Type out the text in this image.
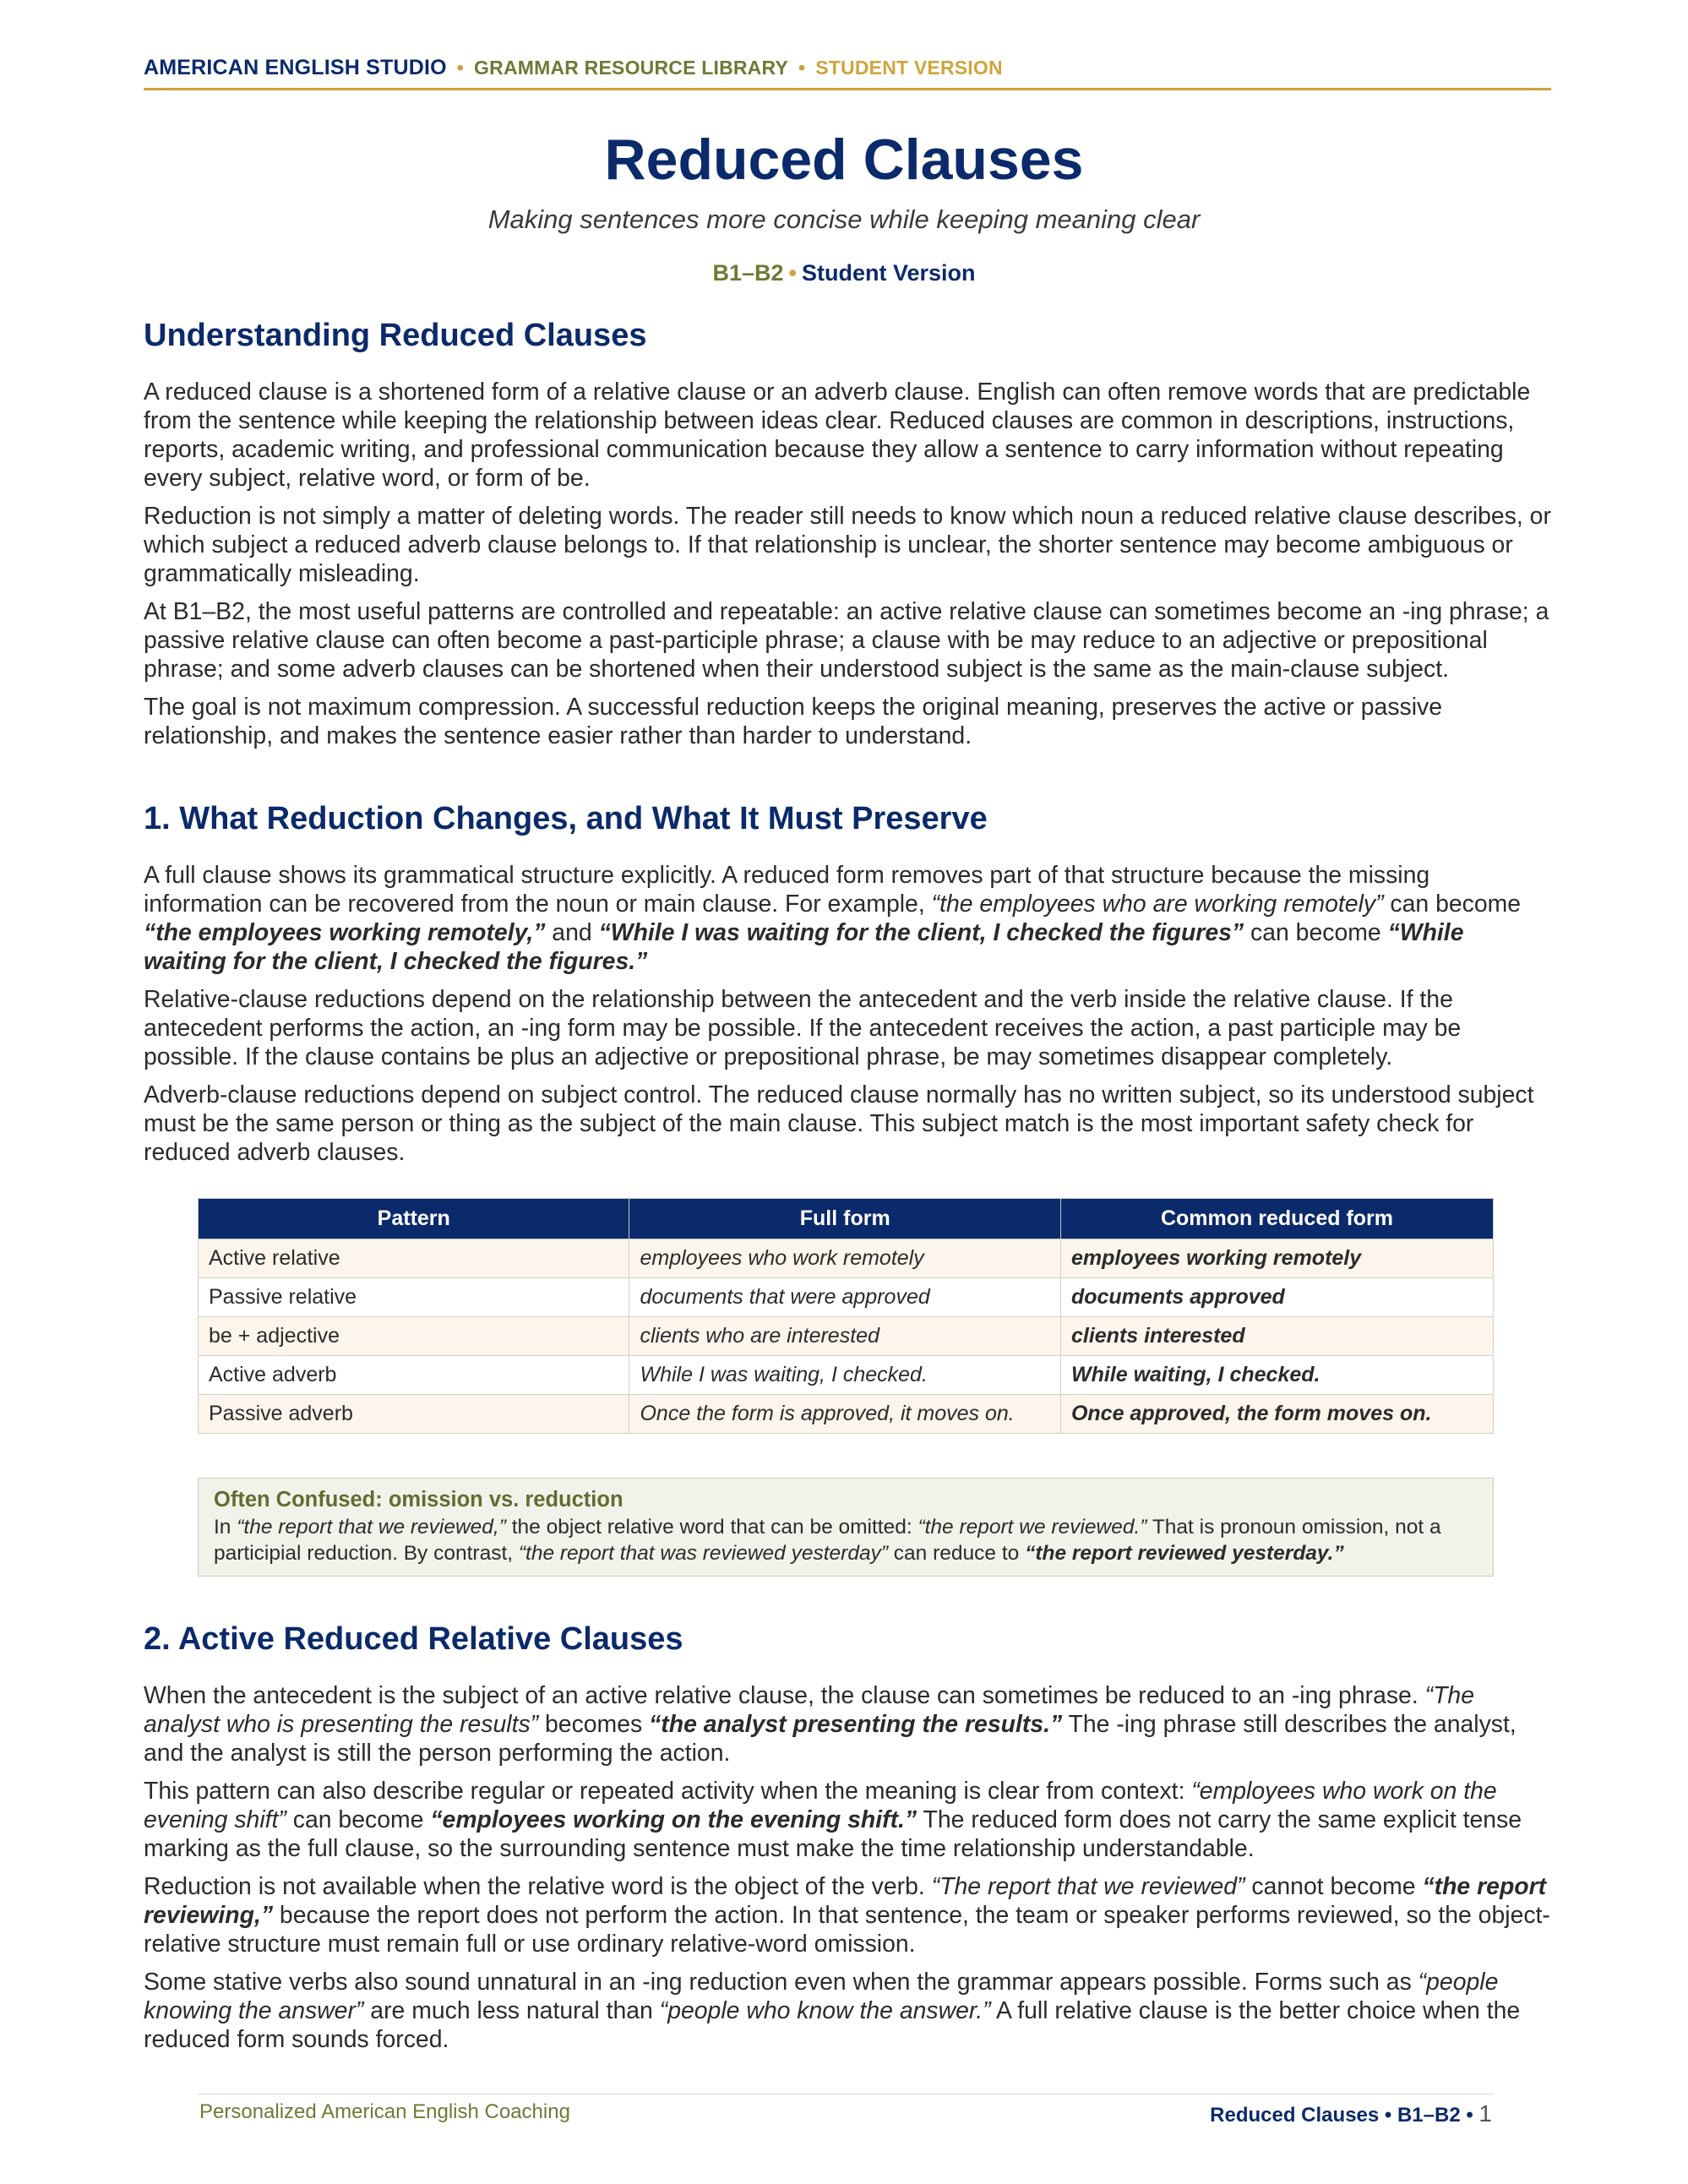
AMERICAN ENGLISH STUDIO • GRAMMAR RESOURCE LIBRARY • STUDENT VERSION
Reduced Clauses
Making sentences more concise while keeping meaning clear
B1–B2 • Student Version
Understanding Reduced Clauses

A reduced clause is a shortened form of a relative clause or an adverb clause. English can often remove words that are predictable from the sentence while keeping the relationship between ideas clear. Reduced clauses are common in descriptions, instructions, reports, academic writing, and professional communication because they allow a sentence to carry information without repeating every subject, relative word, or form of be.

Reduction is not simply a matter of deleting words. The reader still needs to know which noun a reduced relative clause describes, or which subject a reduced adverb clause belongs to. If that relationship is unclear, the shorter sentence may become ambiguous or grammatically misleading.

At B1–B2, the most useful patterns are controlled and repeatable: an active relative clause can sometimes become an -ing phrase; a passive relative clause can often become a past-participle phrase; a clause with be may reduce to an adjective or prepositional phrase; and some adverb clauses can be shortened when their understood subject is the same as the main-clause subject.

The goal is not maximum compression. A successful reduction keeps the original meaning, preserves the active or passive relationship, and makes the sentence easier rather than harder to understand.

1. What Reduction Changes, and What It Must Preserve

A full clause shows its grammatical structure explicitly. A reduced form removes part of that structure because the missing information can be recovered from the noun or main clause. For example, “the employees who are working remotely” can become “the employees working remotely,” and “While I was waiting for the client, I checked the figures” can become “While waiting for the client, I checked the figures.”

Relative-clause reductions depend on the relationship between the antecedent and the verb inside the relative clause. If the antecedent performs the action, an -ing form may be possible. If the antecedent receives the action, a past participle may be possible. If the clause contains be plus an adjective or prepositional phrase, be may sometimes disappear completely.

Adverb-clause reductions depend on subject control. The reduced clause normally has no written subject, so its understood subject must be the same person or thing as the subject of the main clause. This subject match is the most important safety check for reduced adverb clauses.

Pattern	Full form	Common reduced form
Active relative	employees who work remotely	employees working remotely
Passive relative	documents that were approved	documents approved
be + adjective	clients who are interested	clients interested
Active adverb	While I was waiting, I checked.	While waiting, I checked.
Passive adverb	Once the form is approved, it moves on.	Once approved, the form moves on.
Often Confused: omission vs. reduction
In “the report that we reviewed,” the object relative word that can be omitted: “the report we reviewed.” That is pronoun omission, not a participial reduction. By contrast, “the report that was reviewed yesterday” can reduce to “the report reviewed yesterday.”
2. Active Reduced Relative Clauses

When the antecedent is the subject of an active relative clause, the clause can sometimes be reduced to an -ing phrase. “The analyst who is presenting the results” becomes “the analyst presenting the results.” The -ing phrase still describes the analyst, and the analyst is still the person performing the action.

This pattern can also describe regular or repeated activity when the meaning is clear from context: “employees who work on the evening shift” can become “employees working on the evening shift.” The reduced form does not carry the same explicit tense marking as the full clause, so the surrounding sentence must make the time relationship understandable.

Reduction is not available when the relative word is the object of the verb. “The report that we reviewed” cannot become “the report reviewing,” because the report does not perform the action. In that sentence, the team or speaker performs reviewed, so the object-relative structure must remain full or use ordinary relative-word omission.

Some stative verbs also sound unnatural in an -ing reduction even when the grammar appears possible. Forms such as “people knowing the answer” are much less natural than “people who know the answer.” A full relative clause is the better choice when the reduced form sounds forced.

Personalized American English Coaching	Reduced Clauses • B1–B2 • 1
